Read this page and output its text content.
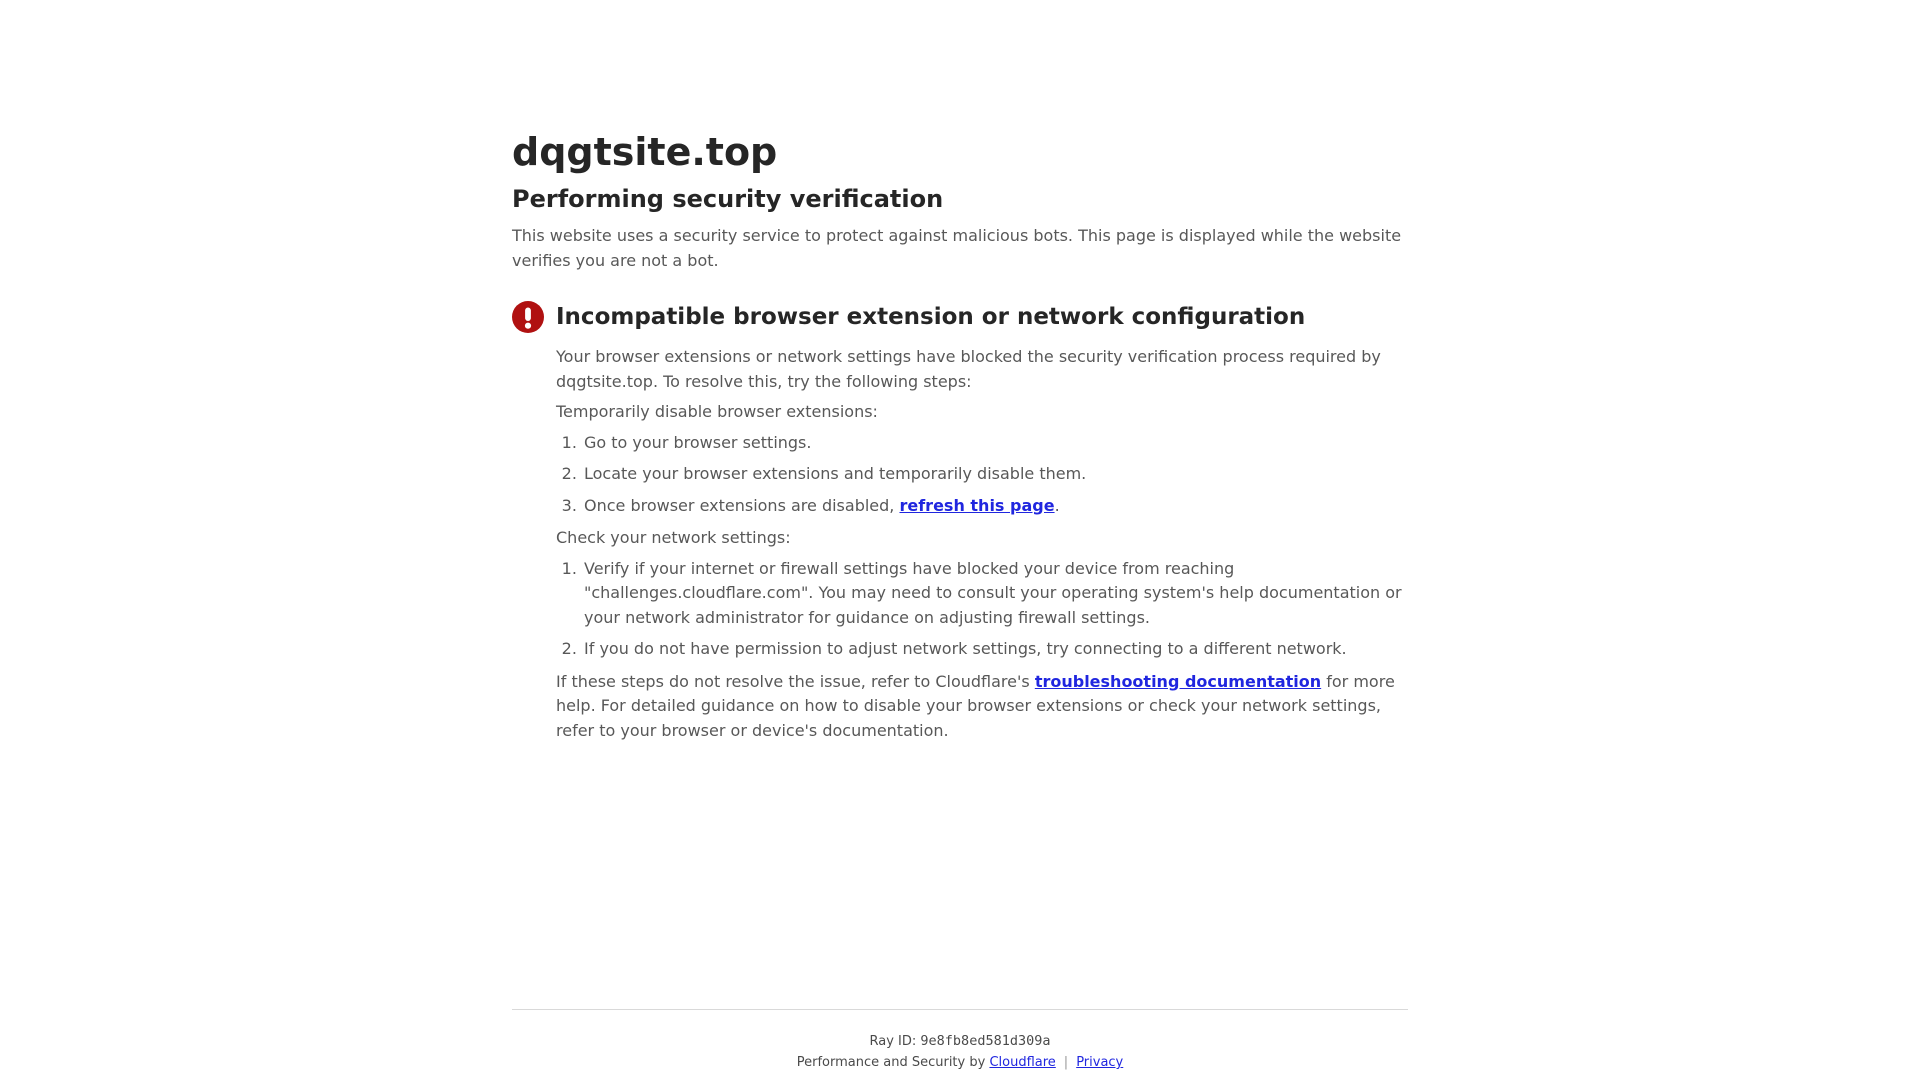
dqgtsite.top
Performing security verification

This website uses a security service to protect against malicious bots. This page is displayed while the website verifies you are not a bot.

Incompatible browser extension or network configuration

Your browser extensions or network settings have blocked the security verification process required by dqgtsite.top. To resolve this, try the following steps:

Temporarily disable browser extensions:

1. Go to your browser settings.
2. Locate your browser extensions and temporarily disable them.
3. Once browser extensions are disabled, refresh this page.

Check your network settings:

1. Verify if your internet or firewall settings have blocked your device from reaching "challenges.cloudflare.com". You may need to consult your operating system's help documentation or your network administrator for guidance on adjusting firewall settings.
2. If you do not have permission to adjust network settings, try connecting to a different network.

If these steps do not resolve the issue, refer to Cloudflare's troubleshooting documentation for more help. For detailed guidance on how to disable your browser extensions or check your network settings, refer to your browser or device's documentation.

Ray ID: 9e8fb8ed581d309a
Performance and Security by Cloudflare | Privacy
